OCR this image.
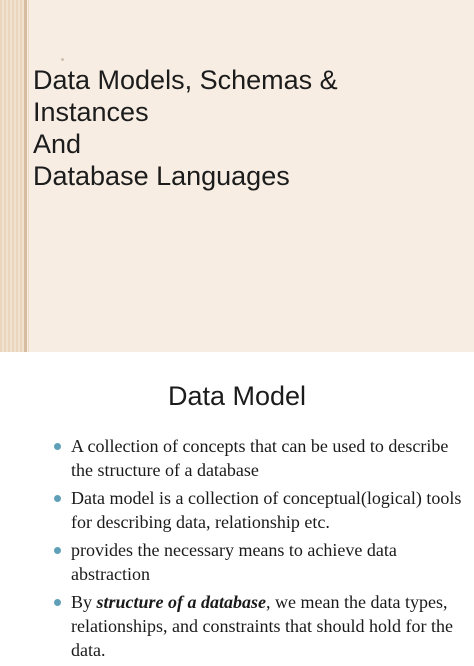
Data Models, Schemas &
Instances
And
Database Languages
Data Model
A collection of concepts that can be used to describe the structure of a database
Data model is a collection of conceptual(logical) tools for describing data, relationship etc.
provides the necessary means to achieve data abstraction
By structure of a database, we mean the data types, relationships, and constraints that should hold for the data.
